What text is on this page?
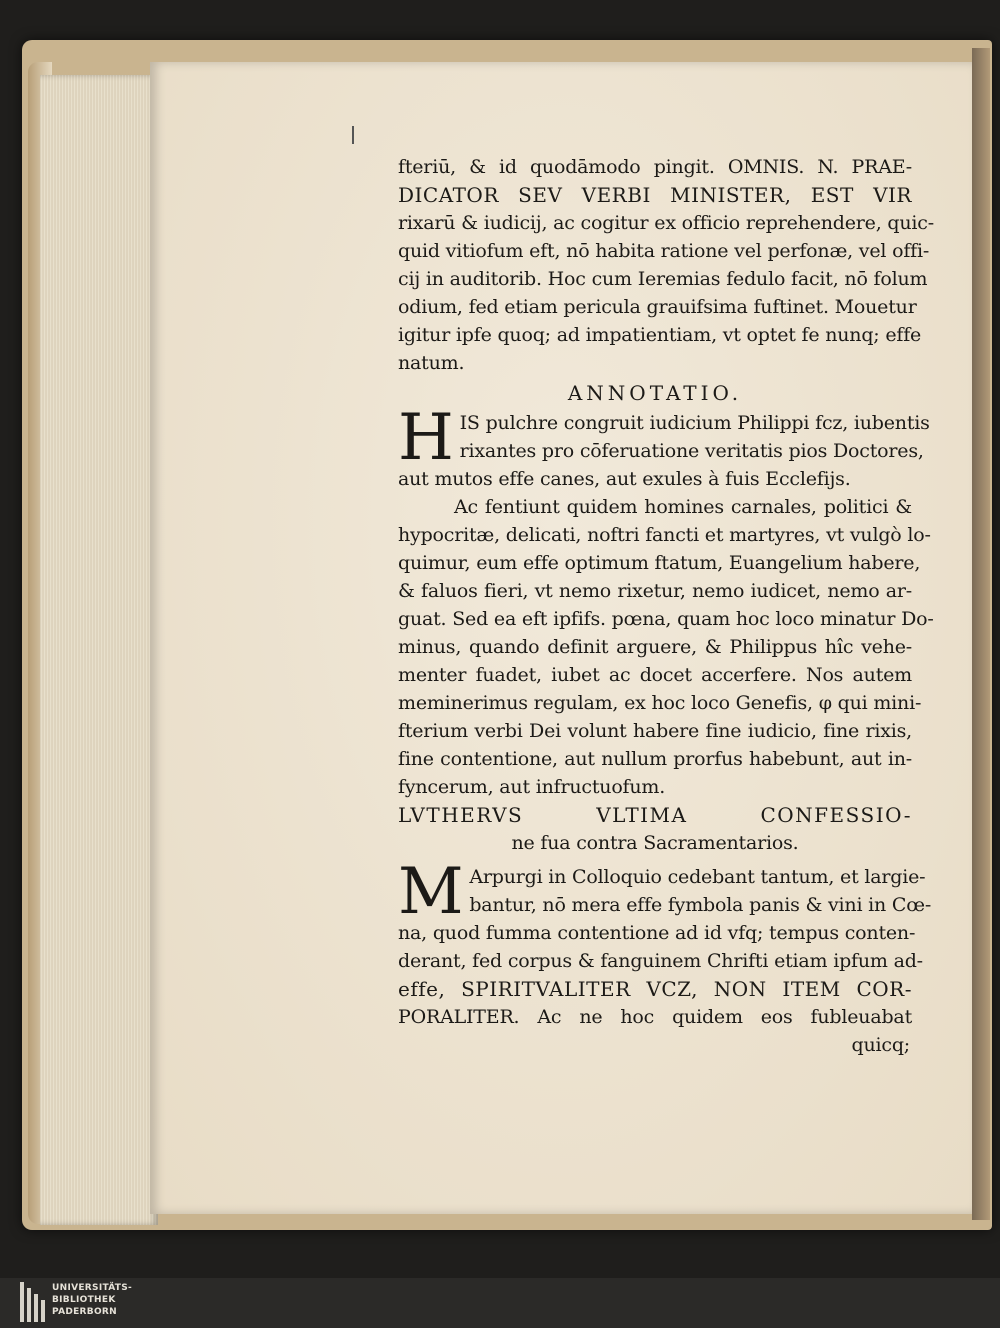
fteriū, & id quodāmodo pingit. OMNIS. N. PRAE-
DICATOR SEV VERBI MINISTER, EST VIR
rixarū & iudicij, ac cogitur ex officio reprehendere, quic-
quid vitiofum eft, nō habita ratione vel perfonæ, vel offi-
cij in auditorib. Hoc cum Ieremias fedulo facit, nō folum
odium, fed etiam pericula grauifsima fuftinet. Mouetur
igitur ipfe quoq; ad impatientiam, vt optet fe nunq; effe
natum.
ANNOTATIO.
H IS pulchre congruit iudicium Philippi fcz, iubentis
rixantes pro cōferuatione veritatis pios Doctores,
aut mutos effe canes, aut exules à fuis Ecclefijs.
Ac fentiunt quidem homines carnales, politici &
hypocritæ, delicati, noftri fancti et martyres, vt vulgò lo-
quimur, eum effe optimum ftatum, Euangelium habere,
& faluos fieri, vt nemo rixetur, nemo iudicet, nemo ar-
guat. Sed ea eft ipfifs. pœna, quam hoc loco minatur Do-
minus, quando definit arguere, & Philippus hîc vehe-
menter fuadet, iubet ac docet accerfere. Nos autem
meminerimus regulam, ex hoc loco Genefis, φ qui mini-
fterium verbi Dei volunt habere fine iudicio, fine rixis,
fine contentione, aut nullum prorfus habebunt, aut in-
fyncerum, aut infructuofum.
LVTHERVS VLTIMA CONFESSIO-
ne fua contra Sacramentarios.
M Arpurgi in Colloquio cedebant tantum, et largie-
bantur, nō mera effe fymbola panis & vini in Cœ-
na, quod fumma contentione ad id vfq; tempus conten-
derant, fed corpus & fanguinem Chrifti etiam ipfum ad-
effe, SPIRITVALITER VCZ, NON ITEM COR-
PORALITER. Ac ne hoc quidem eos fubleuabat
quicq;
UNIVERSITÄTS-
BIBLIOTHEK
PADERBORN
